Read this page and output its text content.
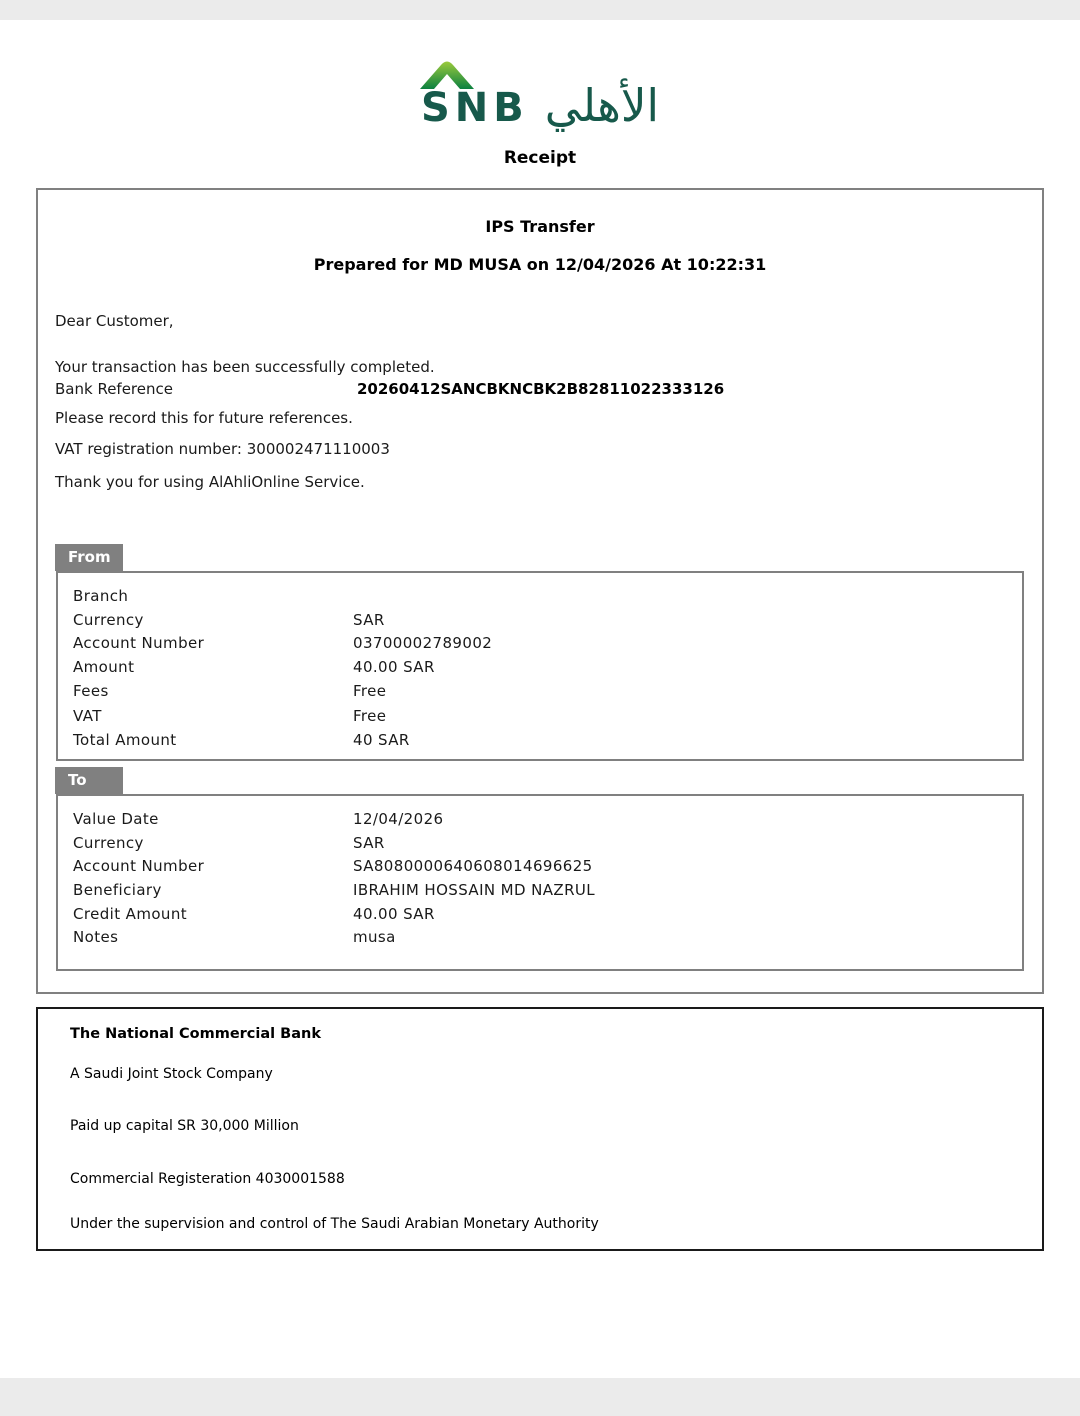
SNB الأهلي
Receipt
IPS Transfer
Prepared for MD MUSA on 12/04/2026 At 10:22:31
Dear Customer,
Your transaction has been successfully completed.
Bank Reference	20260412SANCBKNCBK2B82811022333126
Please record this for future references.
VAT registration number: 300002471110003
Thank you for using AlAhliOnline Service.
From
Branch
Currency	SAR
Account Number	03700002789002
Amount	40.00 SAR
Fees	Free
VAT	Free
Total Amount	40 SAR
To
Value Date	12/04/2026
Currency	SAR
Account Number	SA8080000640608014696625
Beneficiary	IBRAHIM HOSSAIN MD NAZRUL
Credit Amount	40.00 SAR
Notes	musa
The National Commercial Bank
A Saudi Joint Stock Company
Paid up capital SR 30,000 Million
Commercial Registeration 4030001588
Under the supervision and control of The Saudi Arabian Monetary Authority
